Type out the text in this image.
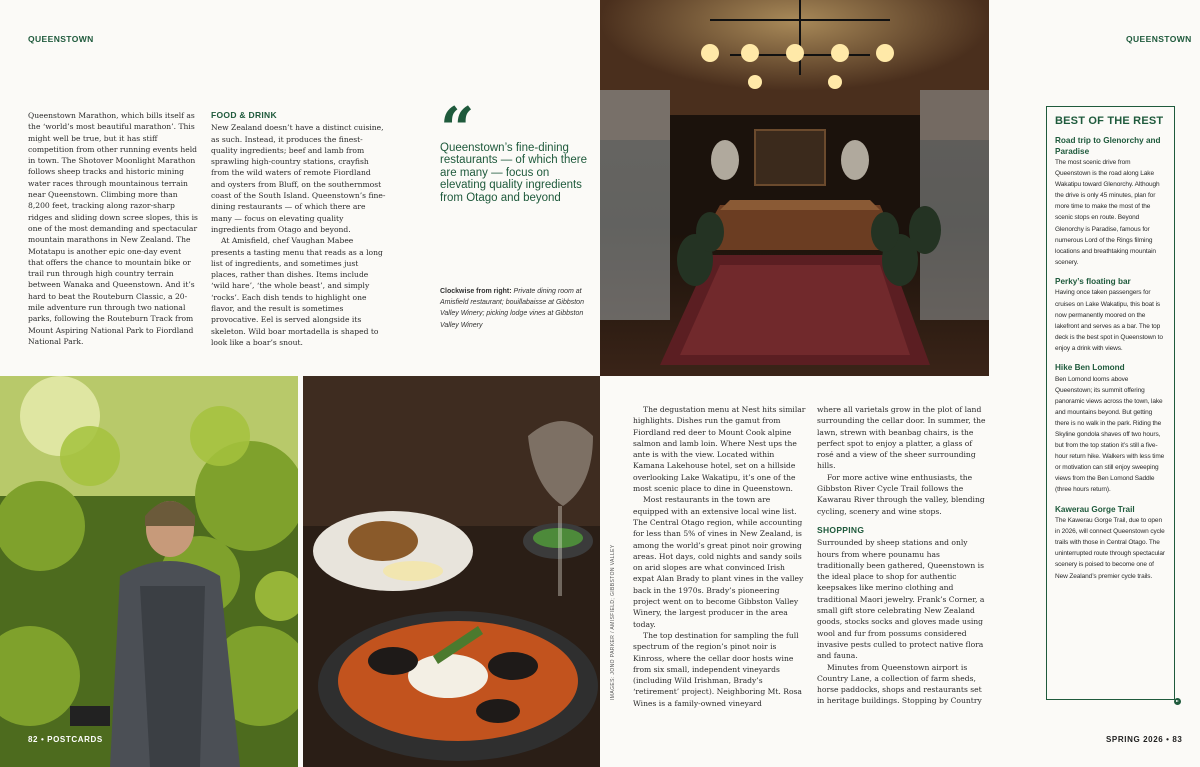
QUEENSTOWN	QUEENSTOWN

Queenstown Marathon, which bills itself as the ‘world’s most beautiful marathon’. This might well be true, but it has stiff competition from other running events held in town. The Shotover Moonlight Marathon follows sheep tracks and historic mining water races through mountainous terrain near Queenstown. Climbing more than 8,200 feet, tracking along razor-sharp ridges and sliding down scree slopes, this is one of the most demanding and spectacular mountain marathons in New Zealand. The Motatapu is another epic one-day event that offers the chance to mountain bike or trail run through high country terrain between Wanaka and Queenstown. And it’s hard to beat the Routeburn Classic, a 20-mile adventure run through two national parks, following the Routeburn Track from Mount Aspiring National Park to Fiordland National Park.

FOOD & DRINK

New Zealand doesn’t have a distinct cuisine, as such. Instead, it produces the finest-quality ingredients; beef and lamb from sprawling high-country stations, crayfish from the wild waters of remote Fiordland and oysters from Bluff, on the southernmost coast of the South Island. Queenstown’s fine-dining restaurants — of which there are many — focus on elevating quality ingredients from Otago and beyond.

At Amisfield, chef Vaughan Mabee presents a tasting menu that reads as a long list of ingredients, and sometimes just places, rather than dishes. Items include ‘wild hare’, ‘the whole beast’, and simply ‘rocks’. Each dish tends to highlight one flavor, and the result is sometimes provocative. Eel is served alongside its skeleton. Wild boar mortadella is shaped to look like a boar’s snout.

“
Queenstown’s fine-dining restaurants — of which there are many — focus on elevating quality ingredients from Otago and beyond
Clockwise from right: Private dining room at Amisfield restaurant; bouillabaisse at Gibbston Valley Winery; picking lodge vines at Gibbston Valley Winery
IMAGES: JONO PARKER / AMISFIELD; GIBBSTON VALLEY

The degustation menu at Nest hits similar highlights. Dishes run the gamut from Fiordland red deer to Mount Cook alpine salmon and lamb loin. Where Nest ups the ante is with the view. Located within Kamana Lakehouse hotel, set on a hillside overlooking Lake Wakatipu, it’s one of the most scenic place to dine in Queenstown.

Most restaurants in the town are equipped with an extensive local wine list. The Central Otago region, while accounting for less than 5% of vines in New Zealand, is among the world’s great pinot noir growing areas. Hot days, cold nights and sandy soils on arid slopes are what convinced Irish expat Alan Brady to plant vines in the valley back in the 1970s. Brady’s pioneering project went on to become Gibbston Valley Winery, the largest producer in the area today.

The top destination for sampling the full spectrum of the region’s pinot noir is Kinross, where the cellar door hosts wine from six small, independent vineyards (including Wild Irishman, Brady’s ‘retirement’ project). Neighboring Mt. Rosa Wines is a family-owned vineyard

where all varietals grow in the plot of land surrounding the cellar door. In summer, the lawn, strewn with beanbag chairs, is the perfect spot to enjoy a platter, a glass of rosé and a view of the sheer surrounding hills.

For more active wine enthusiasts, the Gibbston River Cycle Trail follows the Kawarau River through the valley, blending cycling, scenery and wine stops.

SHOPPING

Surrounded by sheep stations and only hours from where pounamu has traditionally been gathered, Queenstown is the ideal place to shop for authentic keepsakes like merino clothing and traditional Maori jewelry. Frank’s Corner, a small gift store celebrating New Zealand goods, stocks socks and gloves made using wool and fur from possums considered invasive pests culled to protect native flora and fauna.

Minutes from Queenstown airport is Country Lane, a collection of farm sheds, horse paddocks, shops and restaurants set in heritage buildings. Stopping by Country

BEST OF THE REST
Road trip to Glenorchy and Paradise
The most scenic drive from Queenstown is the road along Lake Wakatipu toward Glenorchy. Although the drive is only 45 minutes, plan for more time to make the most of the scenic stops en route. Beyond Glenorchy is Paradise, famous for numerous Lord of the Rings filming locations and breathtaking mountain scenery.
Perky’s floating bar
Having once taken passengers for cruises on Lake Wakatipu, this boat is now permanently moored on the lakefront and serves as a bar. The top deck is the best spot in Queenstown to enjoy a drink with views.
Hike Ben Lomond
Ben Lomond looms above Queenstown; its summit offering panoramic views across the town, lake and mountains beyond. But getting there is no walk in the park. Riding the Skyline gondola shaves off two hours, but from the top station it’s still a five-hour return hike. Walkers with less time or motivation can still enjoy sweeping views from the Ben Lomond Saddle (three hours return).
Kawerau Gorge Trail
The Kawerau Gorge Trail, due to open in 2026, will connect Queenstown cycle trails with those in Central Otago. The uninterrupted route through spectacular scenery is poised to become one of New Zealand’s premier cycle trails.
82 • POSTCARDS	SPRING 2026 • 83
